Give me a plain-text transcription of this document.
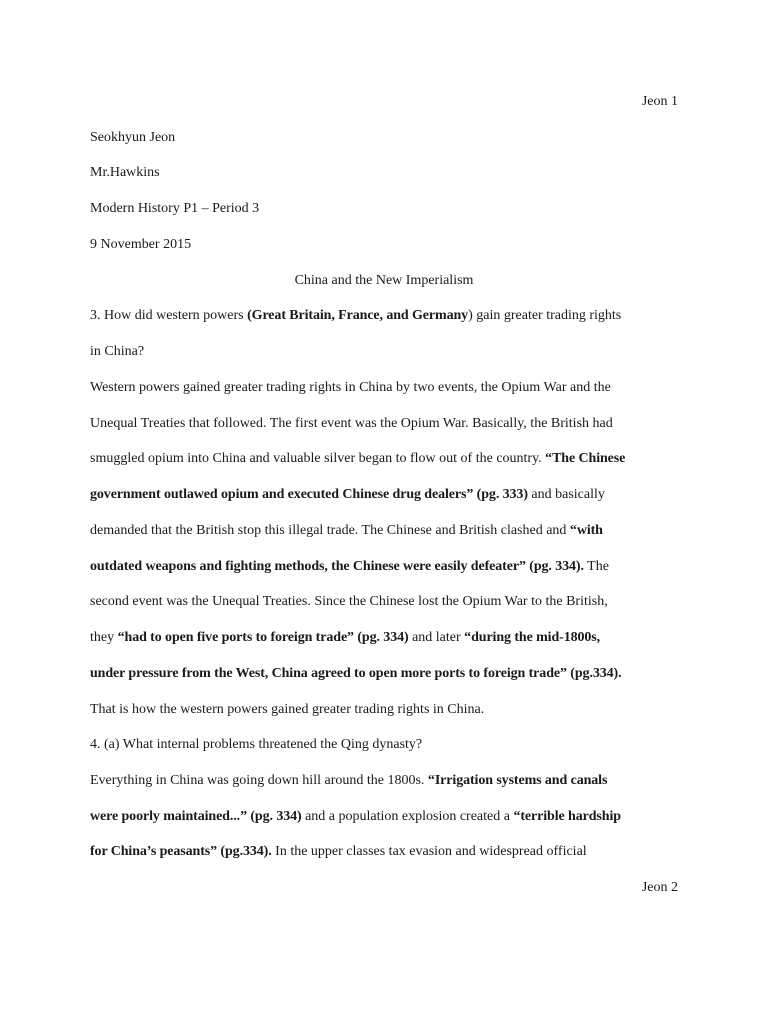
Jeon 1
Seokhyun Jeon
Mr.Hawkins
Modern History P1 – Period 3
9 November 2015
China and the New Imperialism
3. How did western powers (Great Britain, France, and Germany) gain greater trading rights
in China?
Western powers gained greater trading rights in China by two events, the Opium War and the
Unequal Treaties that followed. The first event was the Opium War. Basically, the British had
smuggled opium into China and valuable silver began to flow out of the country. “The Chinese
government outlawed opium and executed Chinese drug dealers” (pg. 333) and basically
demanded that the British stop this illegal trade. The Chinese and British clashed and “with
outdated weapons and fighting methods, the Chinese were easily defeater” (pg. 334). The
second event was the Unequal Treaties. Since the Chinese lost the Opium War to the British,
they “had to open five ports to foreign trade” (pg. 334) and later “during the mid-1800s,
under pressure from the West, China agreed to open more ports to foreign trade” (pg.334).
That is how the western powers gained greater trading rights in China.
4. (a) What internal problems threatened the Qing dynasty?
Everything in China was going down hill around the 1800s. “Irrigation systems and canals
were poorly maintained...” (pg. 334) and a population explosion created a “terrible hardship
for China’s peasants” (pg.334). In the upper classes tax evasion and widespread official
Jeon 2
